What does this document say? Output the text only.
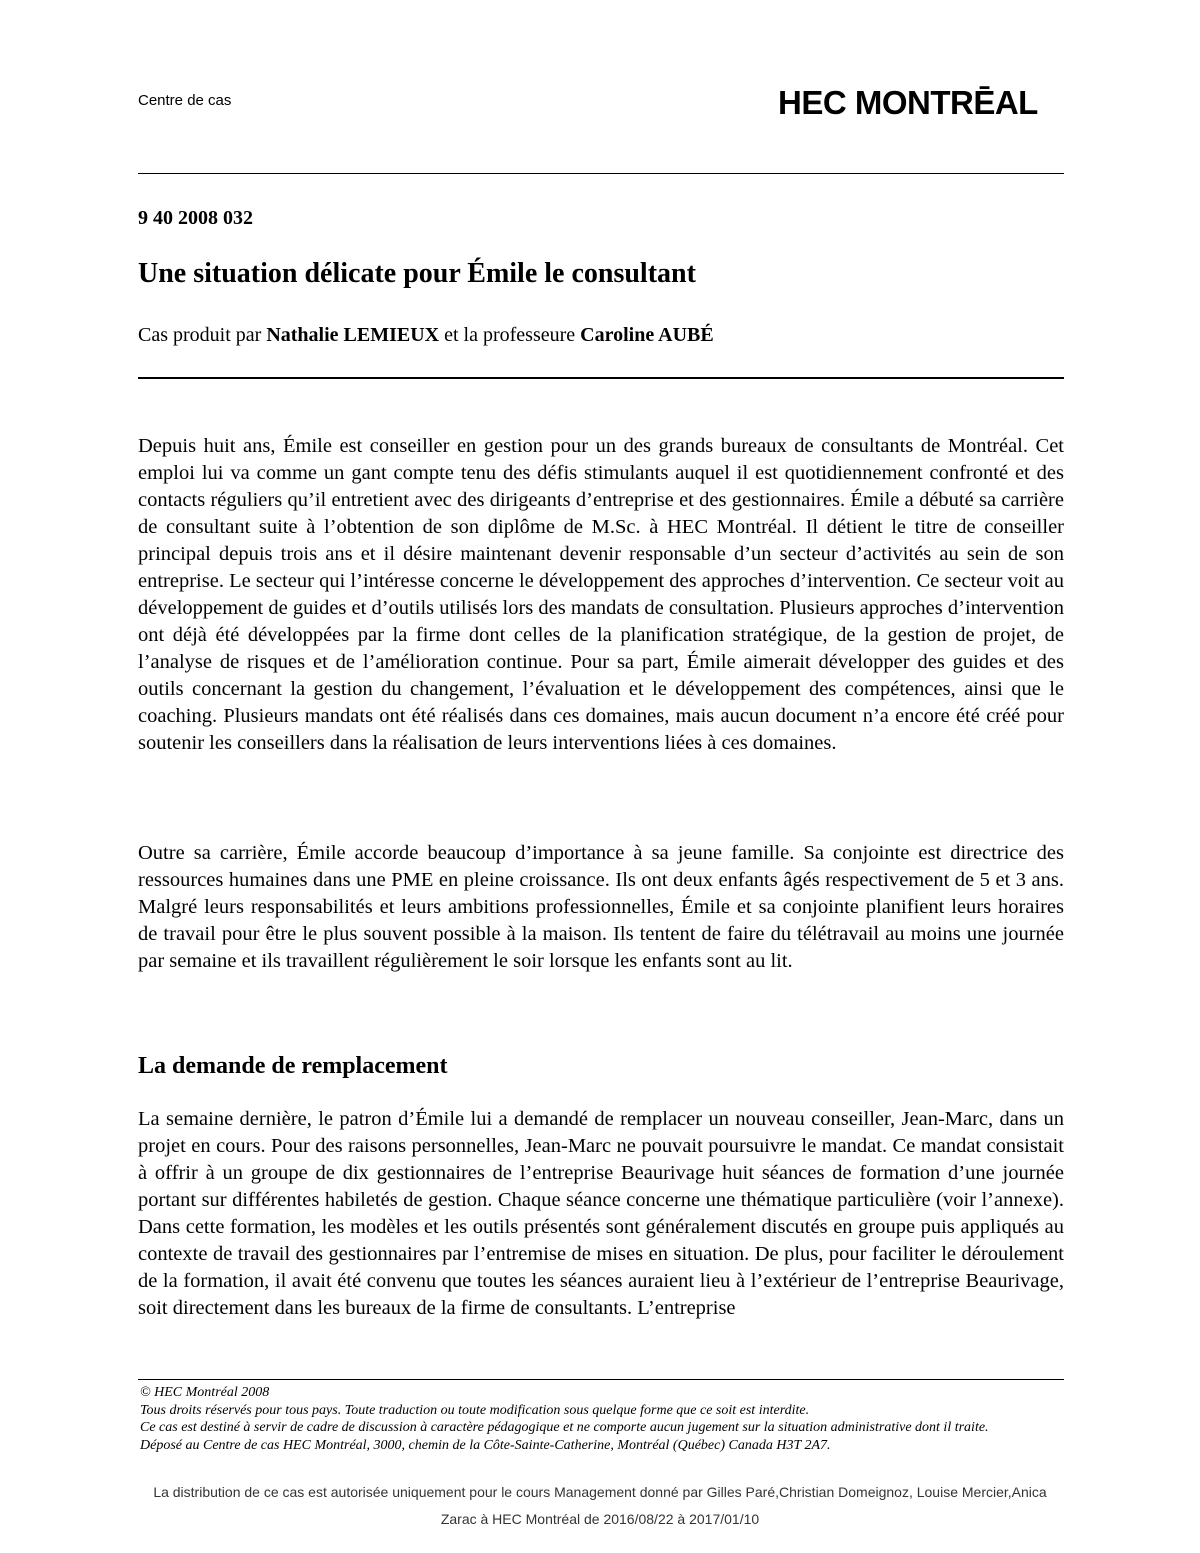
Centre de cas	HEC MONTRĒAL
9 40 2008 032
Une situation délicate pour Émile le consultant
Cas produit par Nathalie LEMIEUX et la professeure Caroline AUBÉ

Depuis huit ans, Émile est conseiller en gestion pour un des grands bureaux de consultants de Montréal. Cet emploi lui va comme un gant compte tenu des défis stimulants auquel il est quotidiennement confronté et des contacts réguliers qu’il entretient avec des dirigeants d’entreprise et des gestionnaires. Émile a débuté sa carrière de consultant suite à l’obtention de son diplôme de M.Sc. à HEC Montréal. Il détient le titre de conseiller principal depuis trois ans et il désire maintenant devenir responsable d’un secteur d’activités au sein de son entreprise. Le secteur qui l’intéresse concerne le développement des approches d’intervention. Ce secteur voit au développement de guides et d’outils utilisés lors des mandats de consultation. Plusieurs approches d’intervention ont déjà été développées par la firme dont celles de la planification stratégique, de la gestion de projet, de l’analyse de risques et de l’amélioration continue. Pour sa part, Émile aimerait développer des guides et des outils concernant la gestion du changement, l’évaluation et le développement des compétences, ainsi que le coaching. Plusieurs mandats ont été réalisés dans ces domaines, mais aucun document n’a encore été créé pour soutenir les conseillers dans la réalisation de leurs interventions liées à ces domaines.

Outre sa carrière, Émile accorde beaucoup d’importance à sa jeune famille. Sa conjointe est directrice des ressources humaines dans une PME en pleine croissance. Ils ont deux enfants âgés respectivement de 5 et 3 ans. Malgré leurs responsabilités et leurs ambitions professionnelles, Émile et sa conjointe planifient leurs horaires de travail pour être le plus souvent possible à la maison. Ils tentent de faire du télétravail au moins une journée par semaine et ils travaillent régulièrement le soir lorsque les enfants sont au lit.

La demande de remplacement

La semaine dernière, le patron d’Émile lui a demandé de remplacer un nouveau conseiller, Jean-Marc, dans un projet en cours. Pour des raisons personnelles, Jean-Marc ne pouvait poursuivre le mandat. Ce mandat consistait à offrir à un groupe de dix gestionnaires de l’entreprise Beaurivage huit séances de formation d’une journée portant sur différentes habiletés de gestion. Chaque séance concerne une thématique particulière (voir l’annexe). Dans cette formation, les modèles et les outils présentés sont généralement discutés en groupe puis appliqués au contexte de travail des gestionnaires par l’entremise de mises en situation. De plus, pour faciliter le déroulement de la formation, il avait été convenu que toutes les séances auraient lieu à l’extérieur de l’entreprise Beaurivage, soit directement dans les bureaux de la firme de consultants. L’entreprise

© HEC Montréal 2008
Tous droits réservés pour tous pays. Toute traduction ou toute modification sous quelque forme que ce soit est interdite.
Ce cas est destiné à servir de cadre de discussion à caractère pédagogique et ne comporte aucun jugement sur la situation administrative dont il traite.
Déposé au Centre de cas HEC Montréal, 3000, chemin de la Côte-Sainte-Catherine, Montréal (Québec) Canada H3T 2A7.
La distribution de ce cas est autorisée uniquement pour le cours Management donné par Gilles Paré,Christian Domeignoz, Louise Mercier,Anica
Zarac à HEC Montréal de 2016/08/22 à 2017/01/10
